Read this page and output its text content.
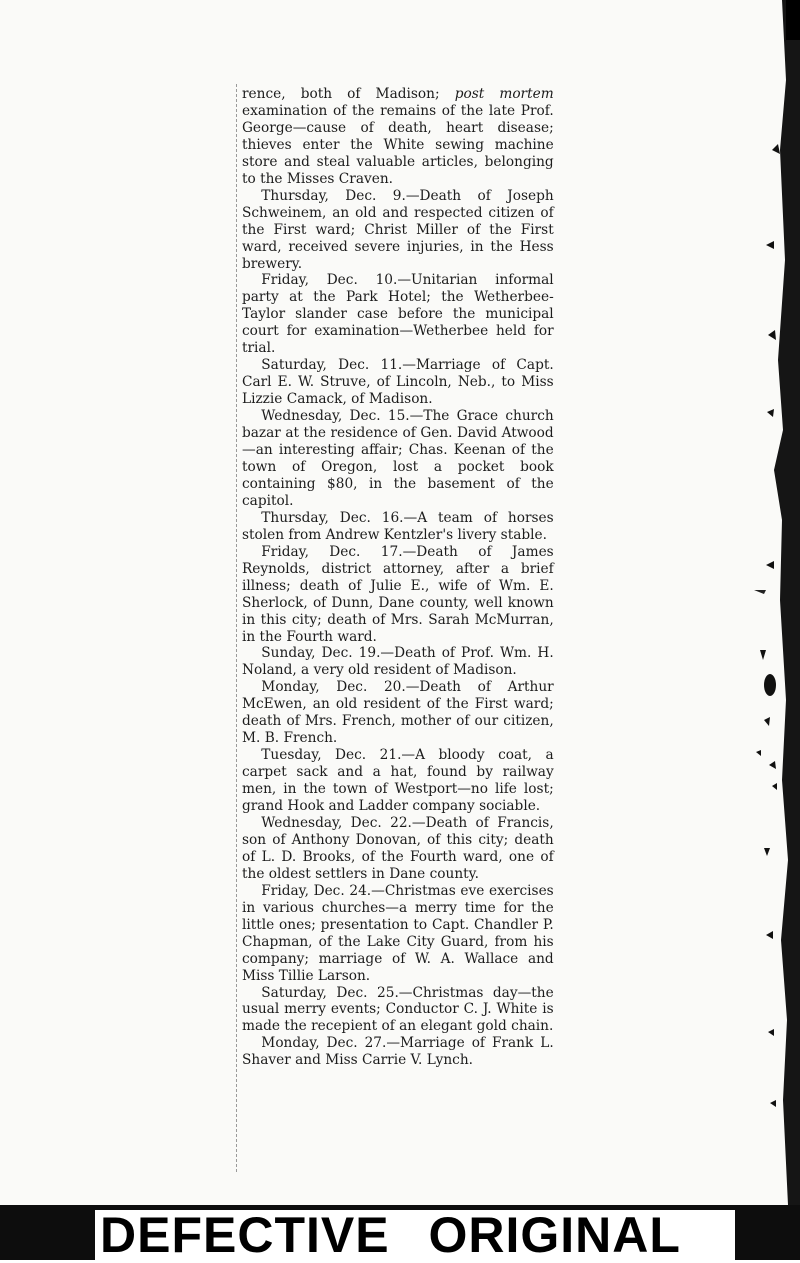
rence, both of Madison; post mortem examination of the remains of the late Prof. George—cause of death, heart disease; thieves enter the White sewing machine store and steal valuable articles, belonging to the Misses Craven.

Thursday, Dec. 9.—Death of Joseph Schweinem, an old and respected citizen of the First ward; Christ Miller of the First ward, received severe injuries, in the Hess brewery.

Friday, Dec. 10.—Unitarian informal party at the Park Hotel; the Wetherbee-Taylor slander case before the municipal court for examination—Wetherbee held for trial.

Saturday, Dec. 11.—Marriage of Capt. Carl E. W. Struve, of Lincoln, Neb., to Miss Lizzie Camack, of Madison.

Wednesday, Dec. 15.—The Grace church bazar at the residence of Gen. David Atwood—an interesting affair; Chas. Keenan of the town of Oregon, lost a pocket book containing $80, in the basement of the capitol.

Thursday, Dec. 16.—A team of horses stolen from Andrew Kentzler's livery stable.

Friday, Dec. 17.—Death of James Reynolds, district attorney, after a brief illness; death of Julie E., wife of Wm. E. Sherlock, of Dunn, Dane county, well known in this city; death of Mrs. Sarah McMurran, in the Fourth ward.

Sunday, Dec. 19.—Death of Prof. Wm. H. Noland, a very old resident of Madison.

Monday, Dec. 20.—Death of Arthur McEwen, an old resident of the First ward; death of Mrs. French, mother of our citizen, M. B. French.

Tuesday, Dec. 21.—A bloody coat, a carpet sack and a hat, found by railway men, in the town of Westport—no life lost; grand Hook and Ladder company sociable.

Wednesday, Dec. 22.—Death of Francis, son of Anthony Donovan, of this city; death of L. D. Brooks, of the Fourth ward, one of the oldest settlers in Dane county.

Friday, Dec. 24.—Christmas eve exercises in various churches—a merry time for the little ones; presentation to Capt. Chandler P. Chapman, of the Lake City Guard, from his company; marriage of W. A. Wallace and Miss Tillie Larson.

Saturday, Dec. 25.—Christmas day—the usual merry events; Conductor C. J. White is made the recepient of an elegant gold chain.

Monday, Dec. 27.—Marriage of Frank L. Shaver and Miss Carrie V. Lynch.

DEFECTIVE ORIGINAL
